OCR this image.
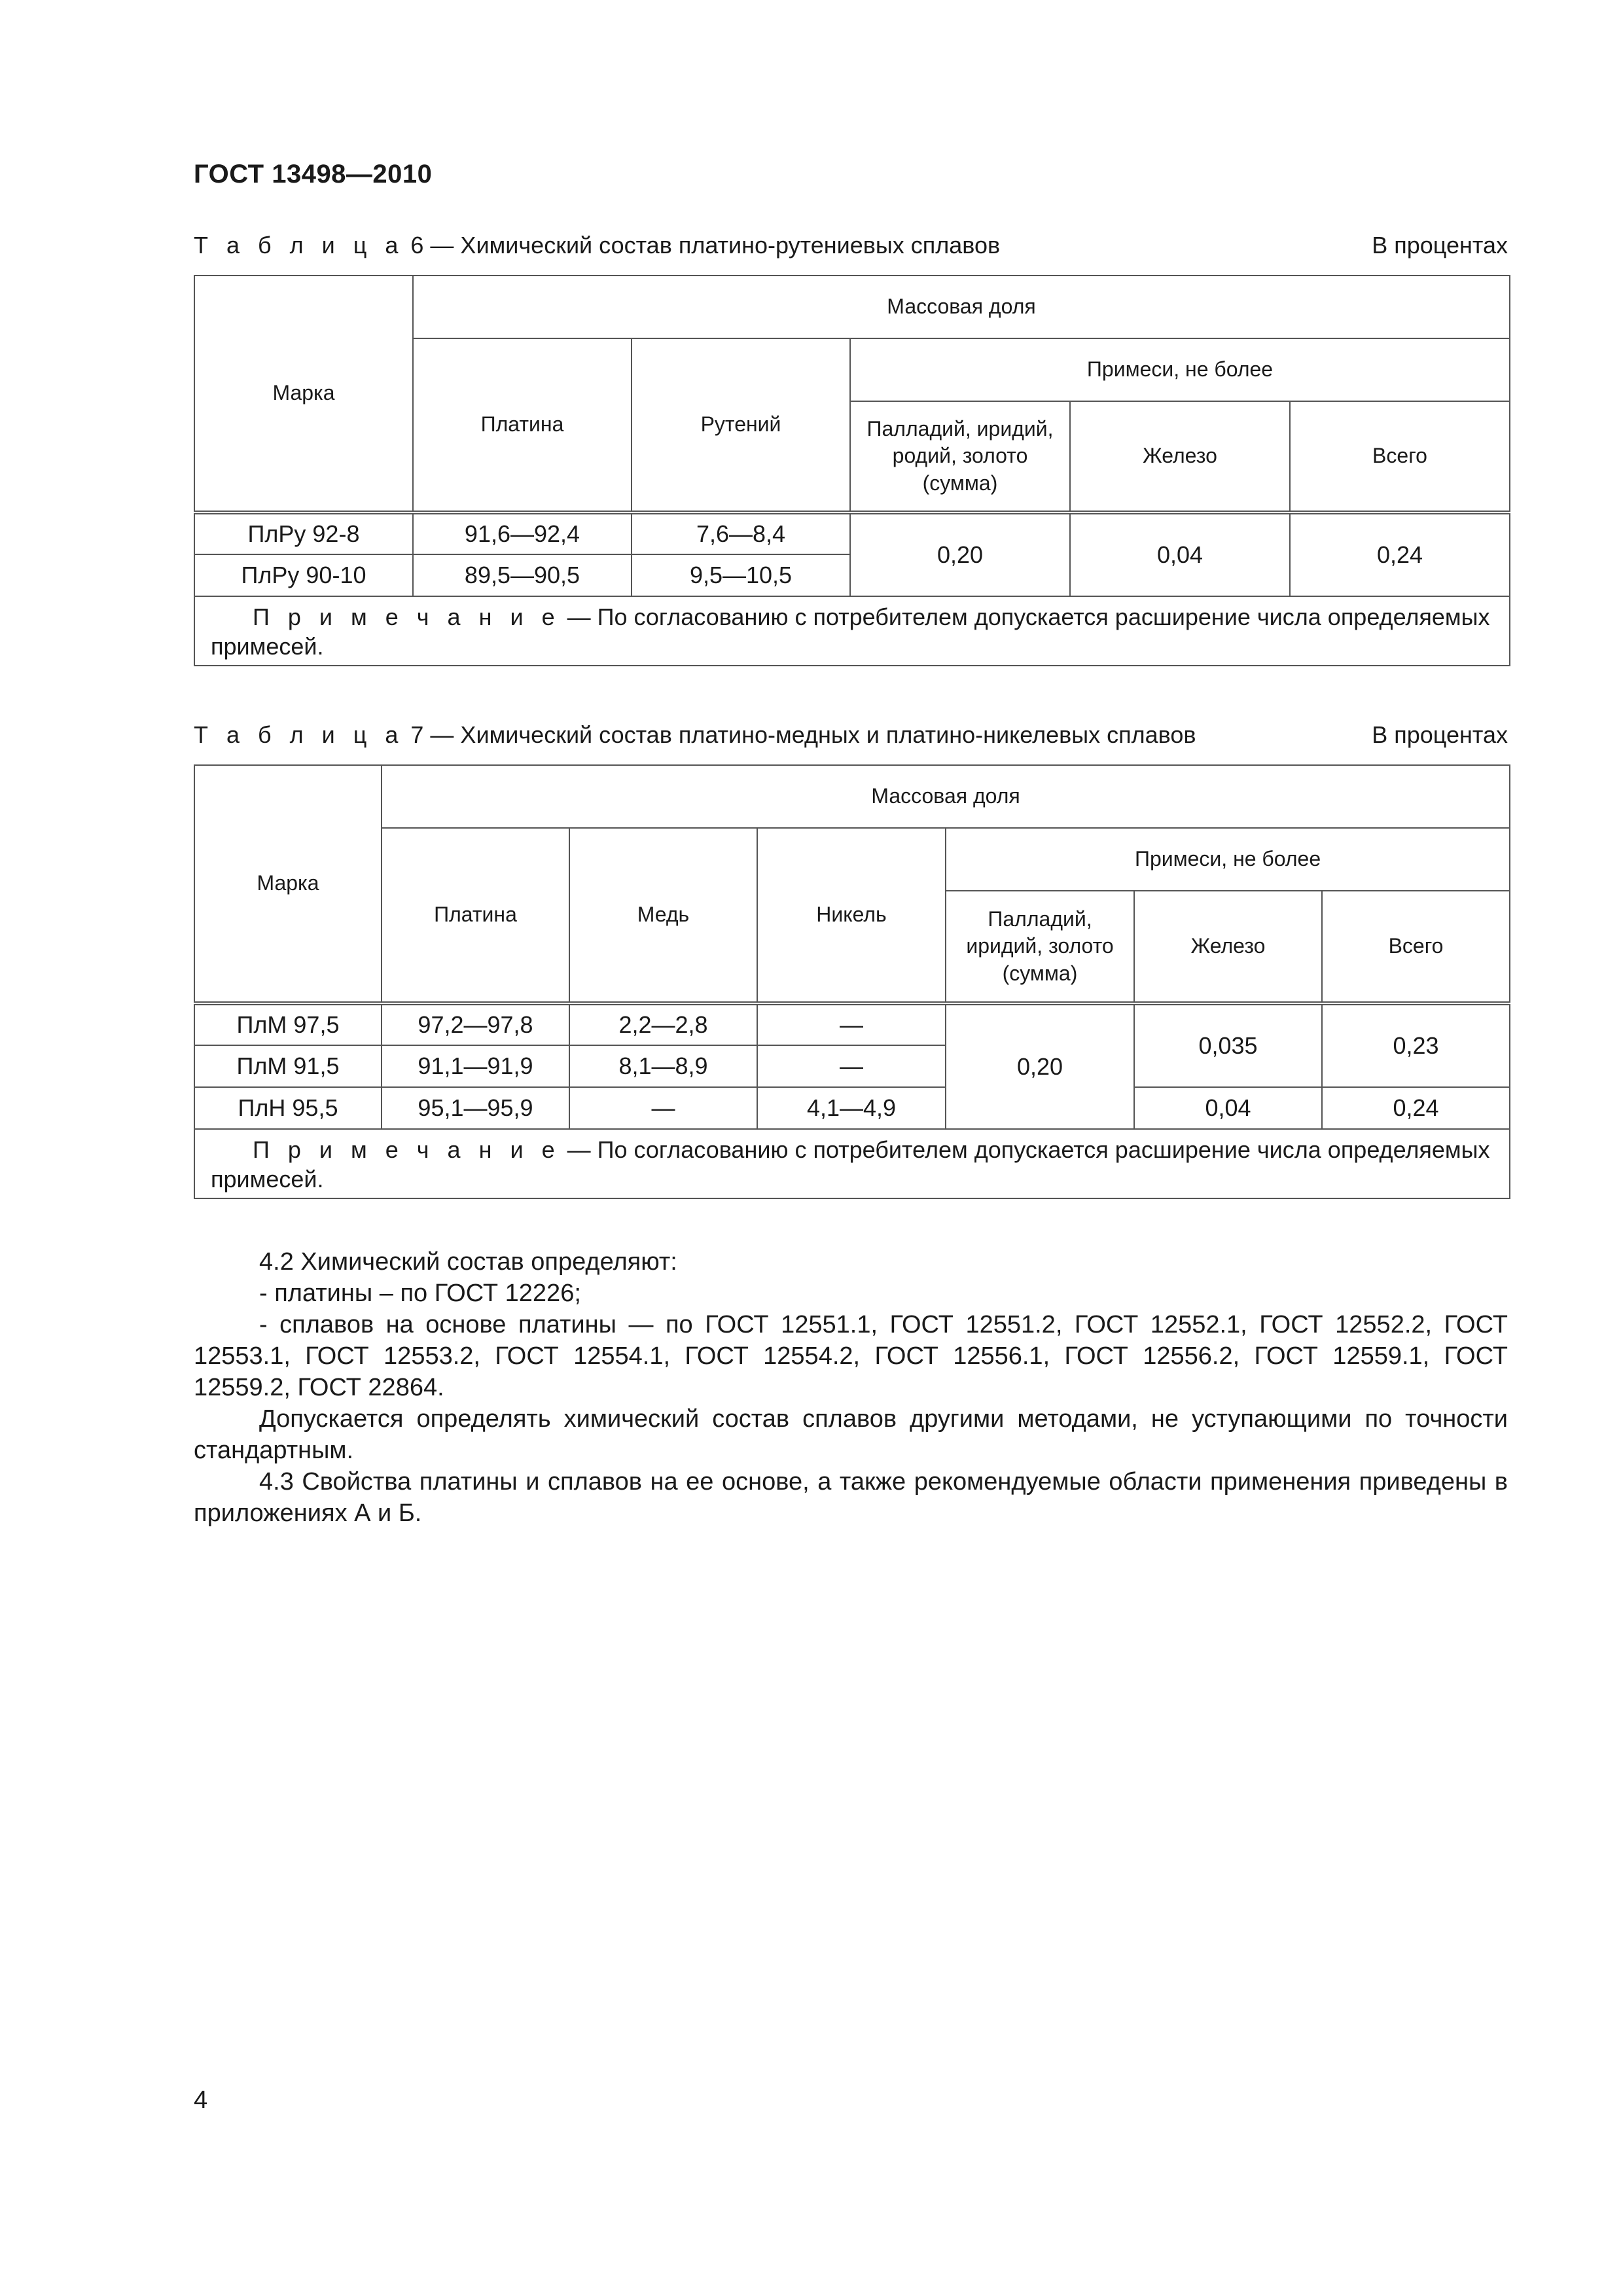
ГОСТ 13498—2010
Т а б л и ц а 6 — Химический состав платино-рутениевых сплавов	В процентах
Марка	Массовая доля				
	Платина	Рутений	Примеси, не более		
			Палладий, иридий, родий, золото (сумма)	Железо	Всего
ПлРу 92-8	91,6—92,4	7,6—8,4	0,20	0,04	0,24
ПлРу 90-10	89,5—90,5	9,5—10,5			
П р и м е ч а н и е — По согласованию с потребителем допускается расширение числа определяемых примесей.					
Т а б л и ц а 7 — Химический состав платино-медных и платино-никелевых сплавов	В процентах
Марка	Массовая доля					
	Платина	Медь	Никель	Примеси, не более		
				Палладий, иридий, золото (сумма)	Железо	Всего
ПлМ 97,5	97,2—97,8	2,2—2,8	—	0,20	0,035	0,23
ПлМ 91,5	91,1—91,9	8,1—8,9	—			
ПлН 95,5	95,1—95,9	—	4,1—4,9		0,04	0,24
П р и м е ч а н и е — По согласованию с потребителем допускается расширение числа определяемых примесей.						

4.2 Химический состав определяют:

- платины – по ГОСТ 12226;

- сплавов на основе платины — по ГОСТ 12551.1, ГОСТ 12551.2, ГОСТ 12552.1, ГОСТ 12552.2, ГОСТ 12553.1, ГОСТ 12553.2, ГОСТ 12554.1, ГОСТ 12554.2, ГОСТ 12556.1, ГОСТ 12556.2, ГОСТ 12559.1, ГОСТ 12559.2, ГОСТ 22864.

Допускается определять химический состав сплавов другими методами, не уступающими по точности стандартным.

4.3 Свойства платины и сплавов на ее основе, а также рекомендуемые области применения приведены в приложениях А и Б.

4
